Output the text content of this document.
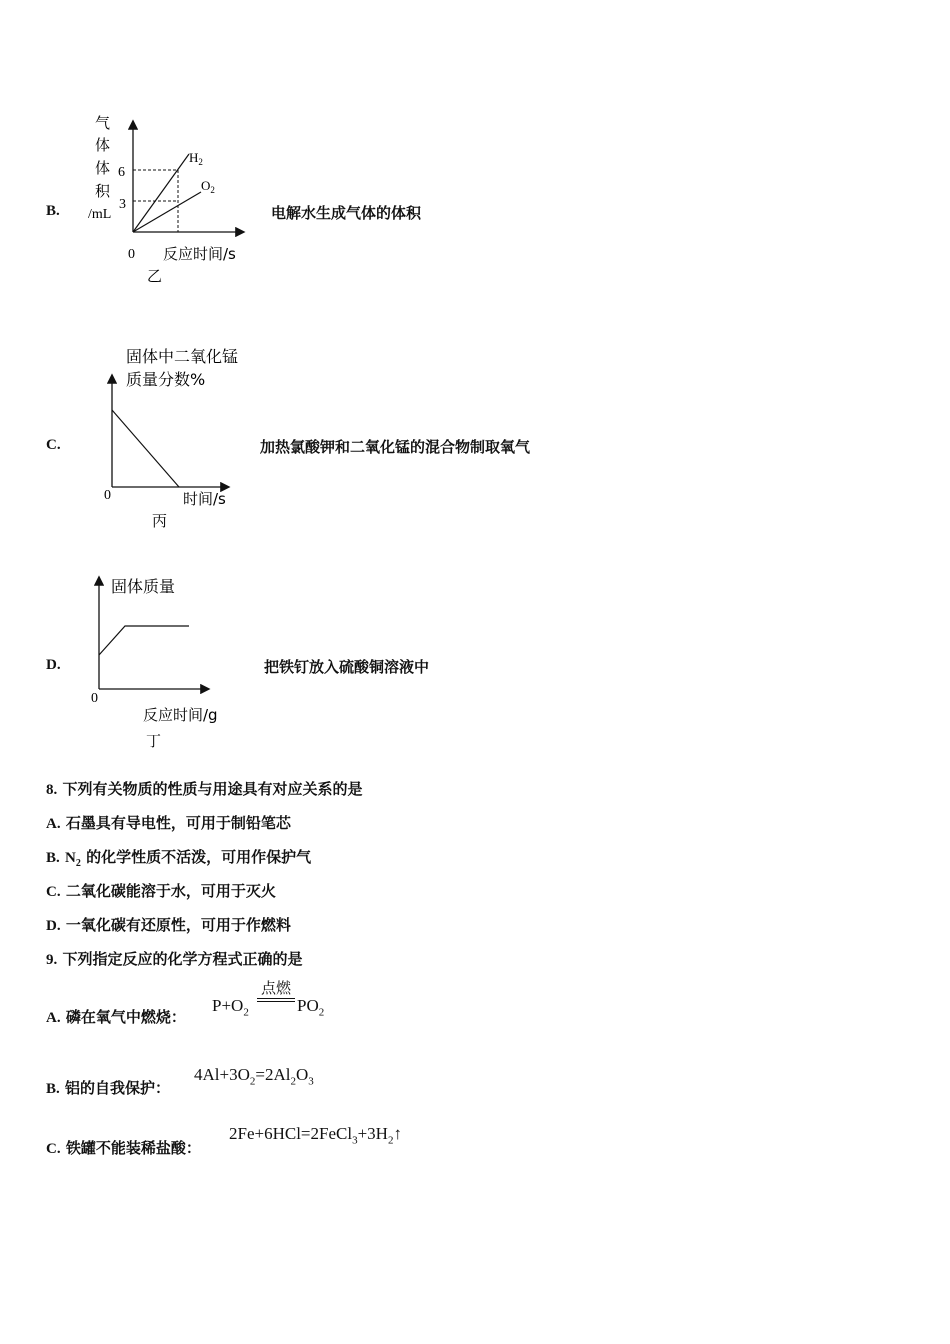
B.
气
体
体
积
/mL
6
3
$H_2$
$O_2$
0 反应时间/s
乙
电解水生成气体的体积
C.
固体中二氧化锰
质量分数%
0	时间/s
丙
加热氯酸钾和二氧化锰的混合物制取氧气
D.
固体质量
0
反应时间/g
丁
把铁钉放入硫酸铜溶液中
8. 下列有关物质的性质与用途具有对应关系的是
A. 石墨具有导电性，可用于制铅笔芯
B. $N_2$ 的化学性质不活泼，可用作保护气
C. 二氧化碳能溶于水，可用于灭火
D. 一氧化碳有还原性，可用于作燃料
9. 下列指定反应的化学方程式正确的是
A. 磷在氧气中燃烧：
$P+O_2$
点燃
$PO_2$
B. 铝的自我保护：
$4Al+3O_2=2Al_2O_3$
C. 铁罐不能装稀盐酸：
$2Fe+6HCl=2FeCl_3+3H_2↑$
